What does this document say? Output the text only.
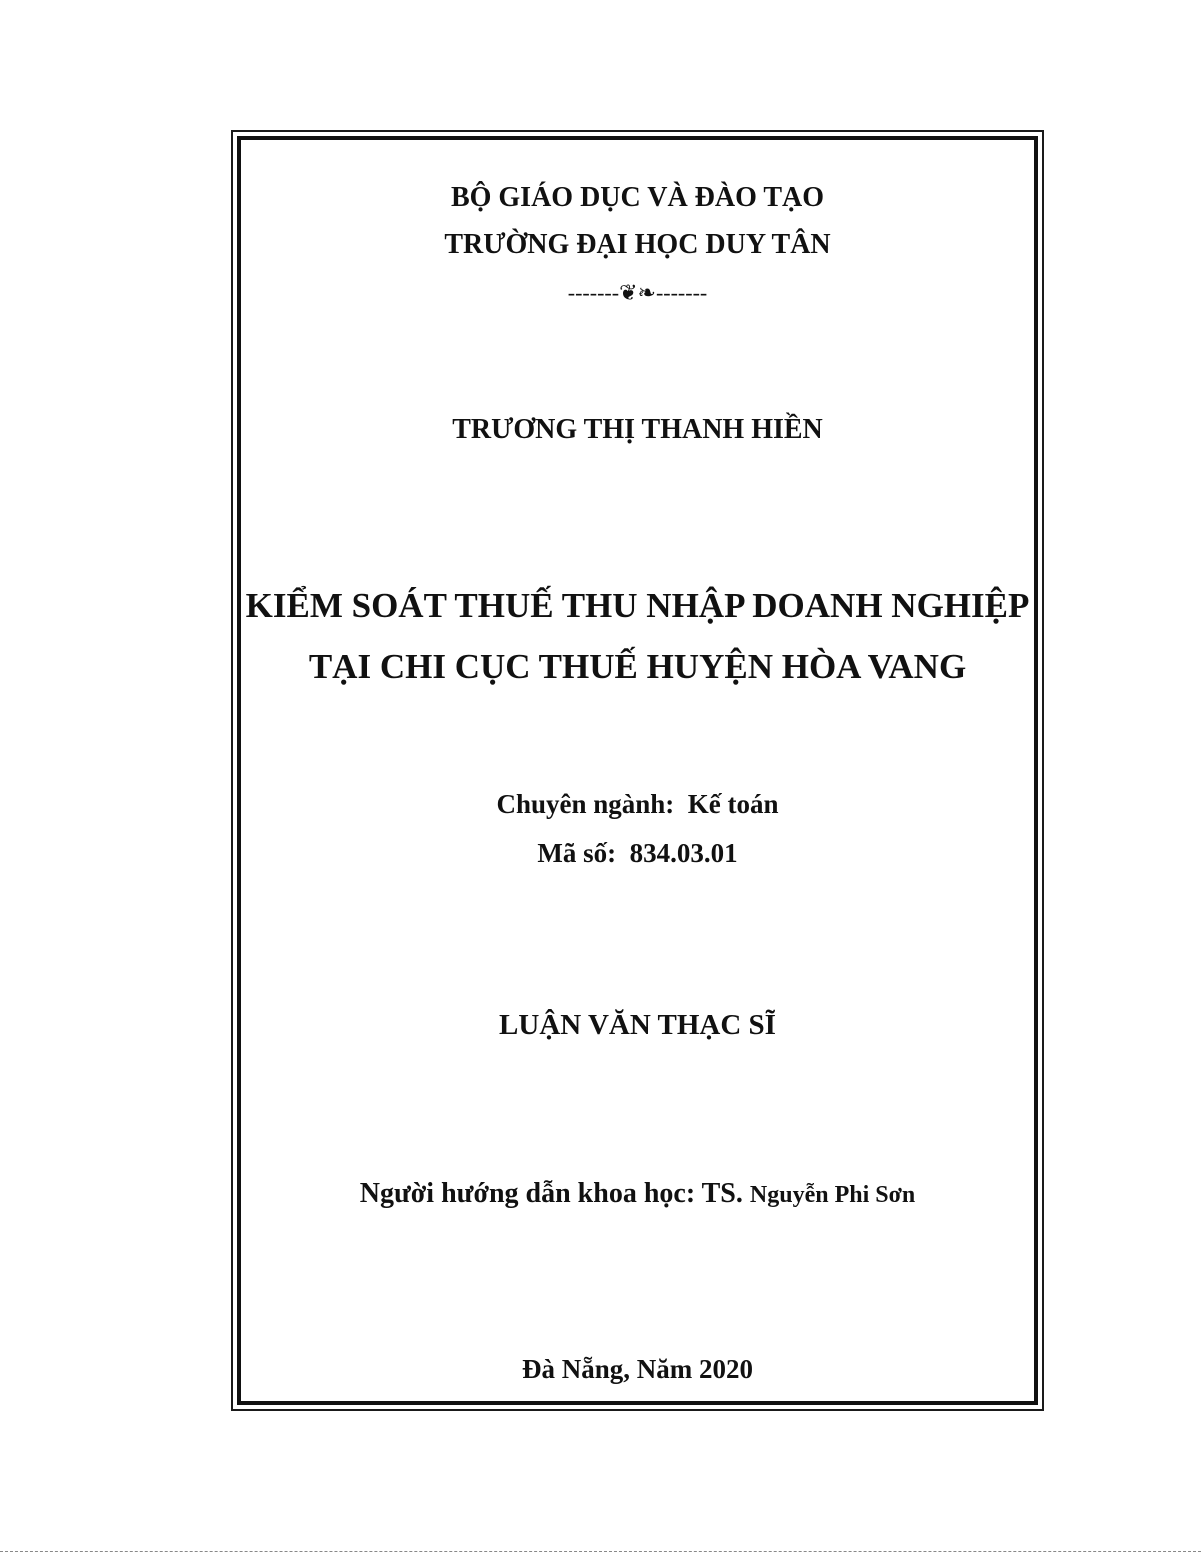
BỘ GIÁO DỤC VÀ ĐÀO TẠO

TRƯỜNG ĐẠI HỌC DUY TÂN

-------❦❧-------

TRƯƠNG THỊ THANH HIỀN

KIỂM SOÁT THUẾ THU NHẬP DOANH NGHIỆP

TẠI CHI CỤC THUẾ HUYỆN HÒA VANG

Chuyên ngành: Kế toán

Mã số: 834.03.01

LUẬN VĂN THẠC SĨ

Người hướng dẫn khoa học: TS. Nguyễn Phi Sơn

Đà Nẵng, Năm 2020
